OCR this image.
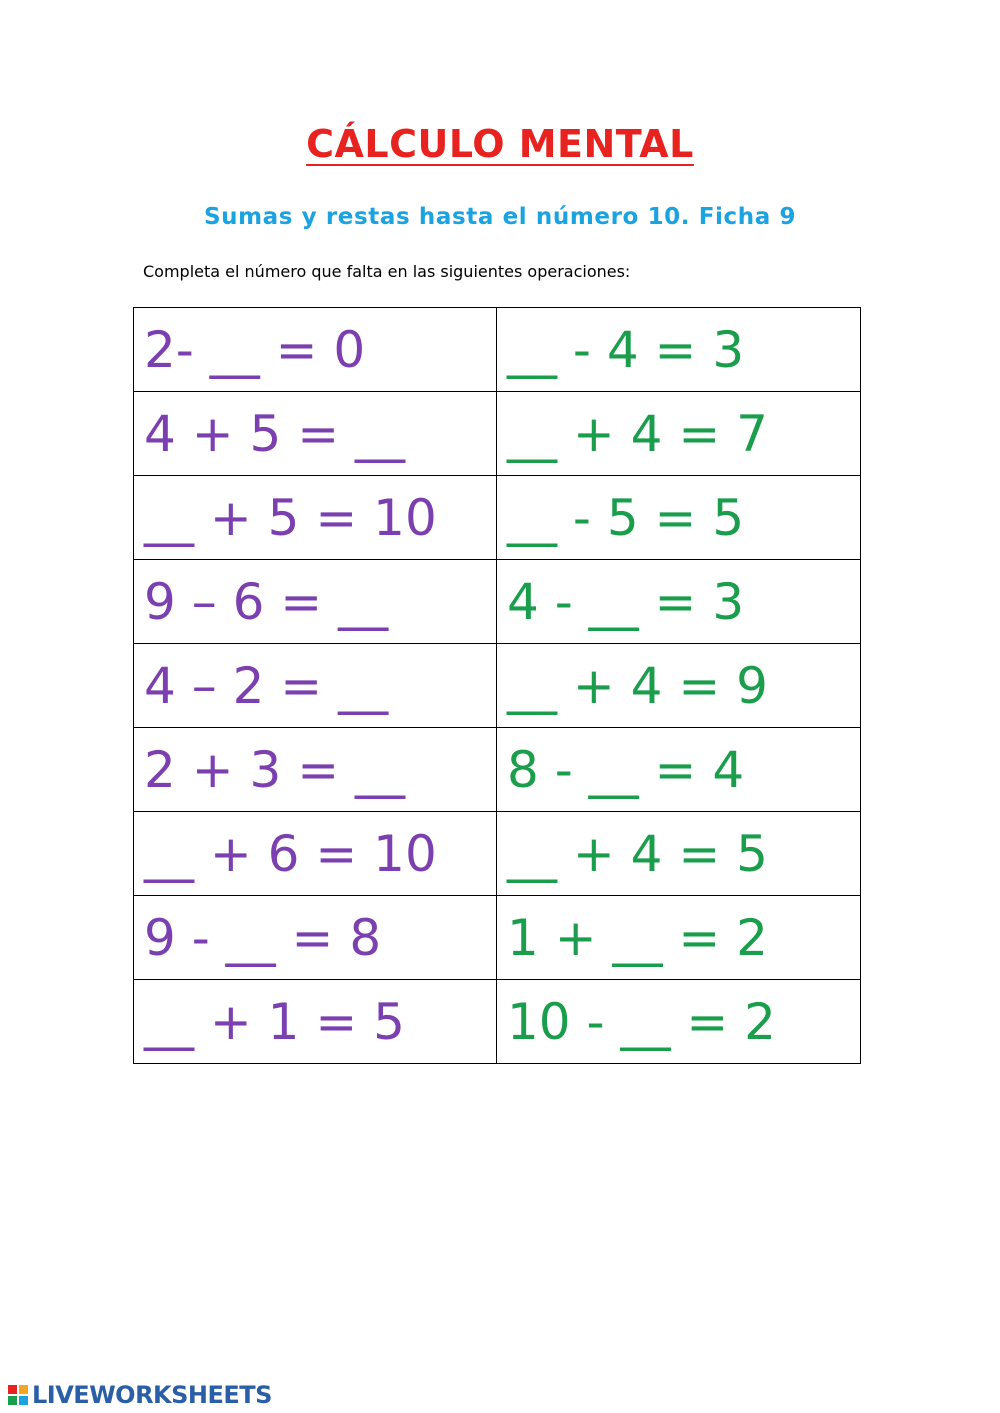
CÁLCULO MENTAL
Sumas y restas hasta el número 10. Ficha 9
Completa el número que falta en las siguientes operaciones:
2- __ = 0	__ - 4 = 3
4 + 5 = __	__ + 4 = 7
__ + 5 = 10	__ - 5 = 5
9 – 6 = __	4 - __ = 3
4 – 2 = __	__ + 4 = 9
2 + 3 = __	8 - __ = 4
__ + 6 = 10	__ + 4 = 5
9 - __ = 8	1 + __ = 2
__ + 1 = 5	10 - __ = 2
LIVEWORKSHEETS
